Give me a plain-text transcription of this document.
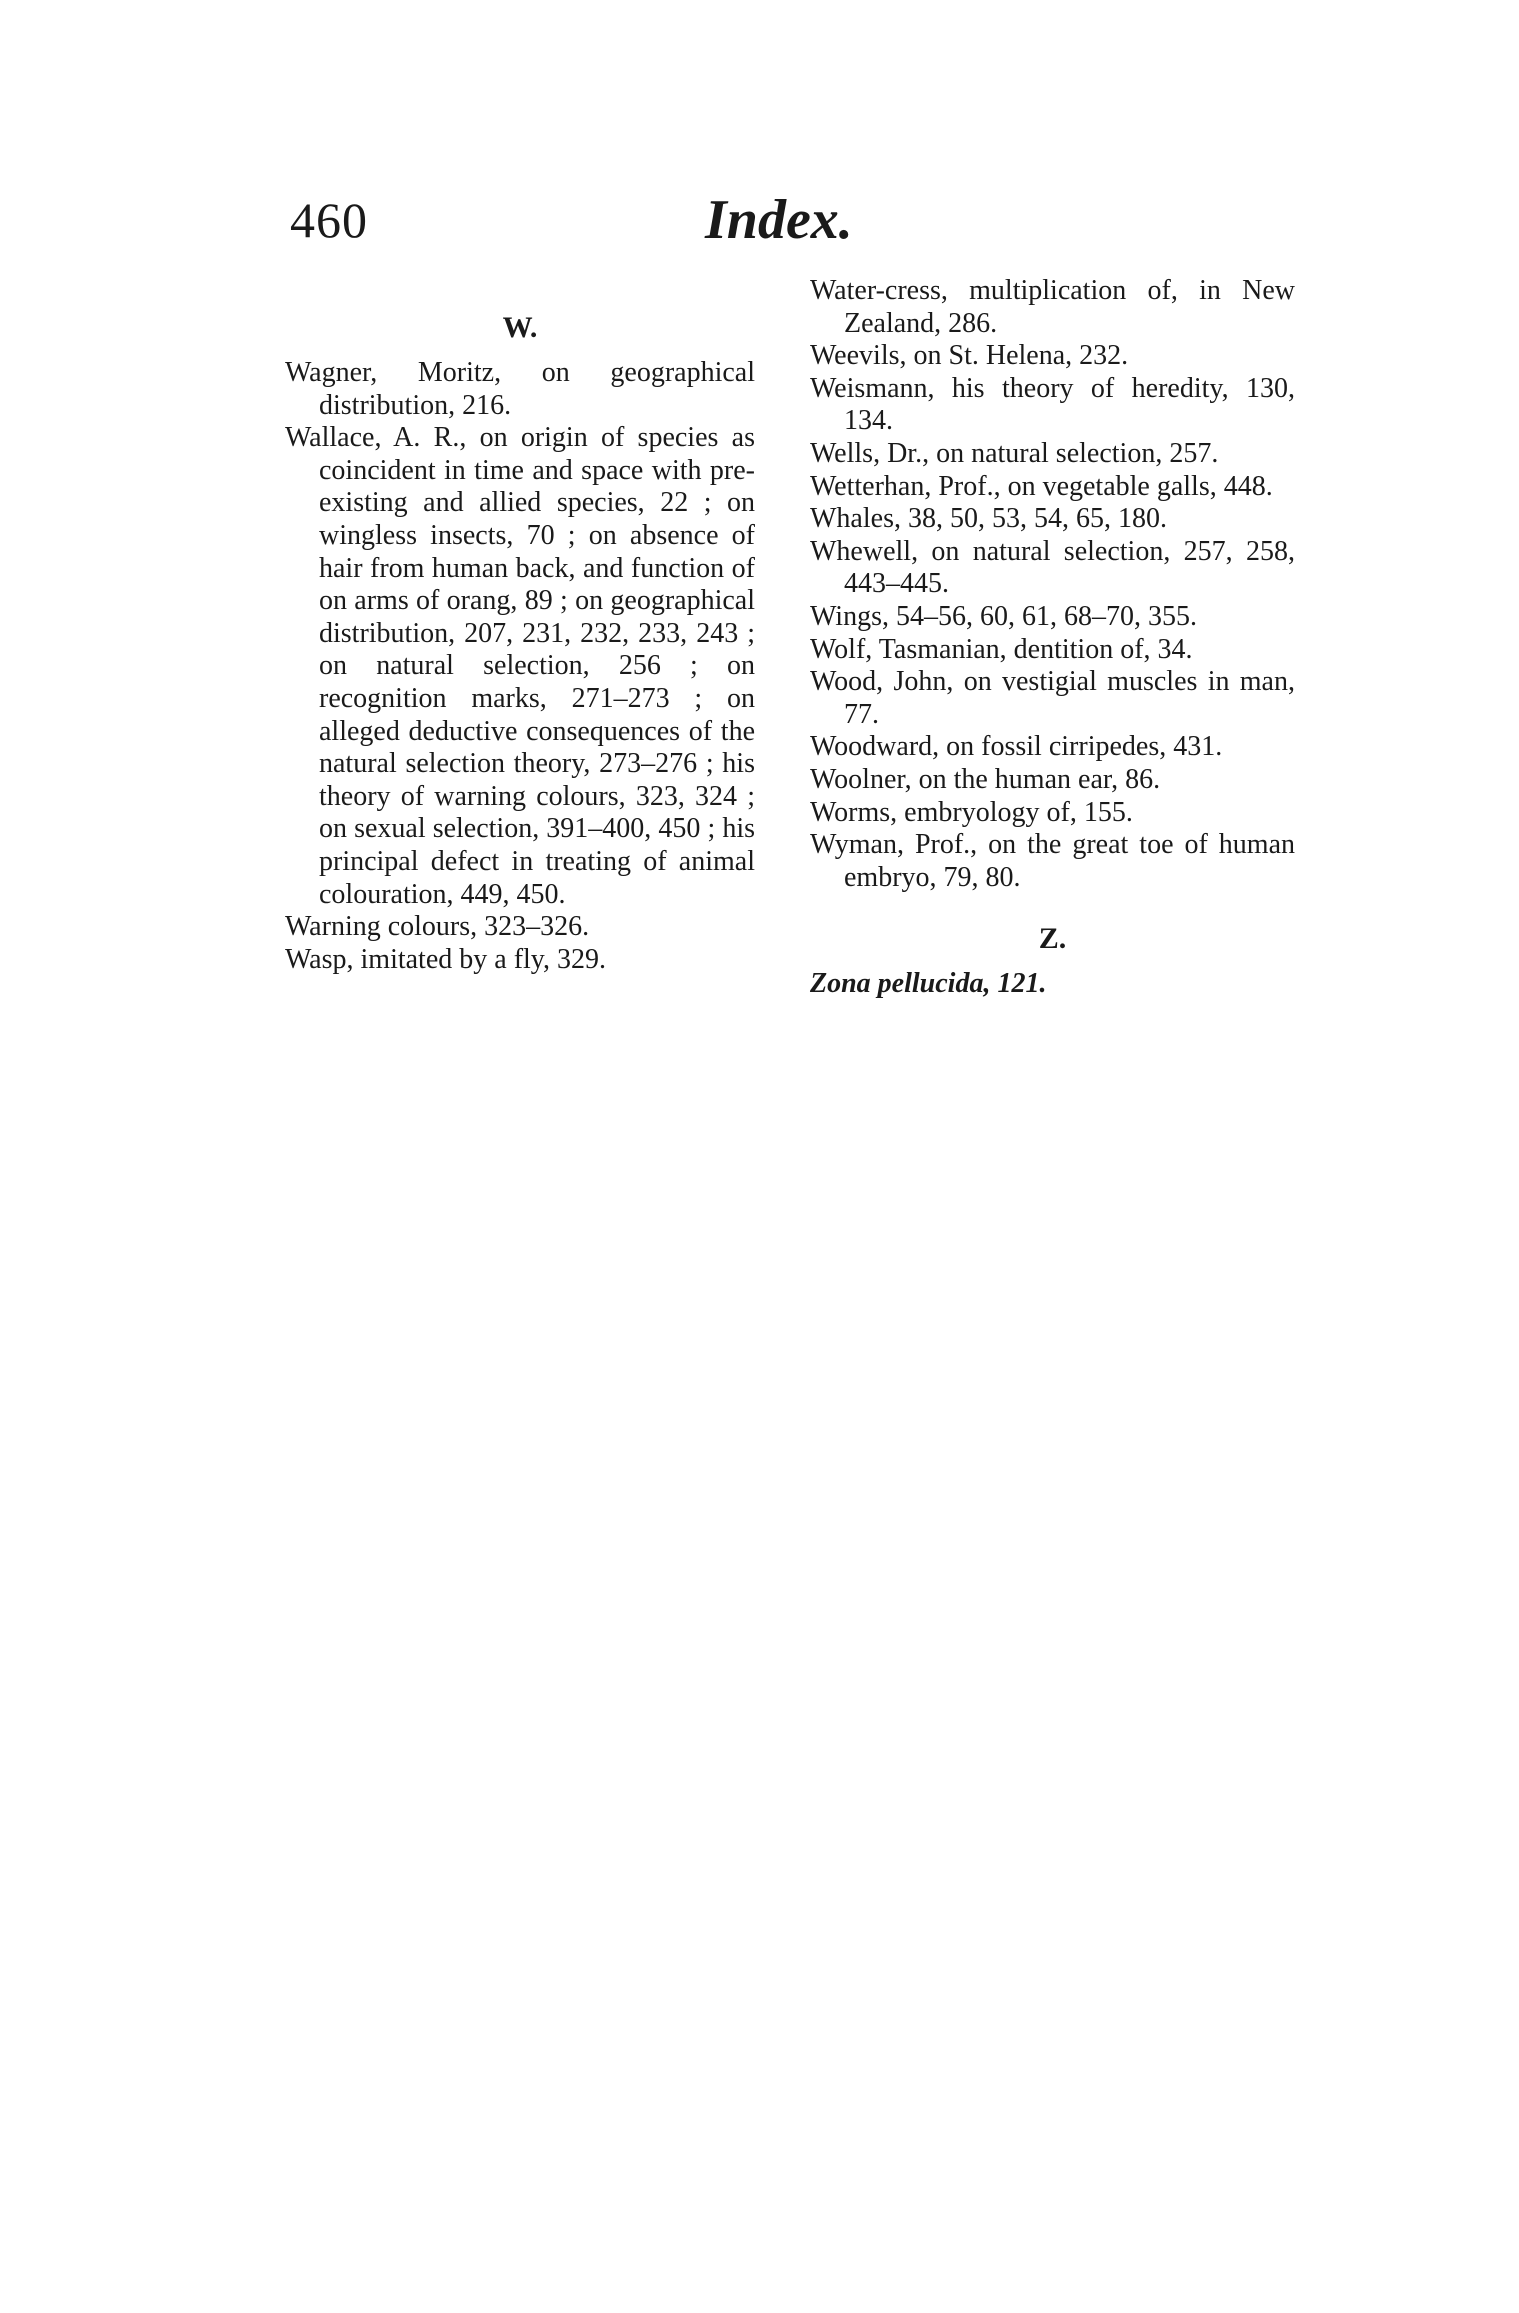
460	Index.
W.

Wagner, Moritz, on geographical distribution, 216.

Wallace, A. R., on origin of species as coincident in time and space with pre-existing and allied species, 22 ; on wingless insects, 70 ; on absence of hair from human back, and function of on arms of orang, 89 ; on geographical distribution, 207, 231, 232, 233, 243 ; on natural selection, 256 ; on recognition marks, 271–273 ; on alleged deductive consequences of the natural selection theory, 273–276 ; his theory of warning colours, 323, 324 ; on sexual selection, 391–400, 450 ; his principal defect in treating of animal colouration, 449, 450.

Warning colours, 323–326.

Wasp, imitated by a fly, 329.

Water-cress, multiplication of, in New Zealand, 286.

Weevils, on St. Helena, 232.

Weismann, his theory of heredity, 130, 134.

Wells, Dr., on natural selection, 257.

Wetterhan, Prof., on vegetable galls, 448.

Whales, 38, 50, 53, 54, 65, 180.

Whewell, on natural selection, 257, 258, 443–445.

Wings, 54–56, 60, 61, 68–70, 355.

Wolf, Tasmanian, dentition of, 34.

Wood, John, on vestigial muscles in man, 77.

Woodward, on fossil cirripedes, 431.

Woolner, on the human ear, 86.

Worms, embryology of, 155.

Wyman, Prof., on the great toe of human embryo, 79, 80.

Z.

Zona pellucida, 121.
